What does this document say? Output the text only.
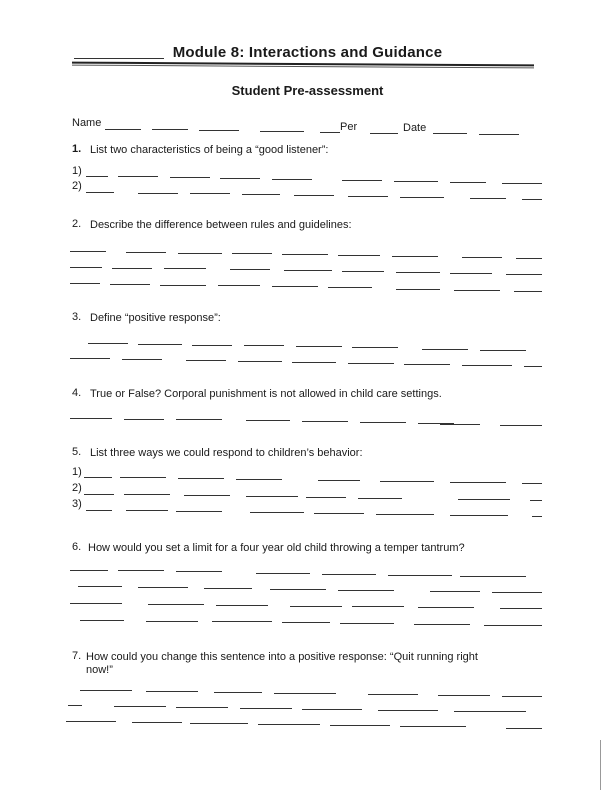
Module 8: Interactions and Guidance
Student Pre-assessment
Name	Per	Date
1. List two characteristics of being a “good listener”:
1)
2)
2. Describe the difference between rules and guidelines:
3. Define “positive response”:
4. True or False? Corporal punishment is not allowed in child care settings.
5. List three ways we could respond to children’s behavior:
1)
2)
3)
6. How would you set a limit for a four year old child throwing a temper tantrum?
7. How could you change this sentence into a positive response: “Quit running right
now!”
